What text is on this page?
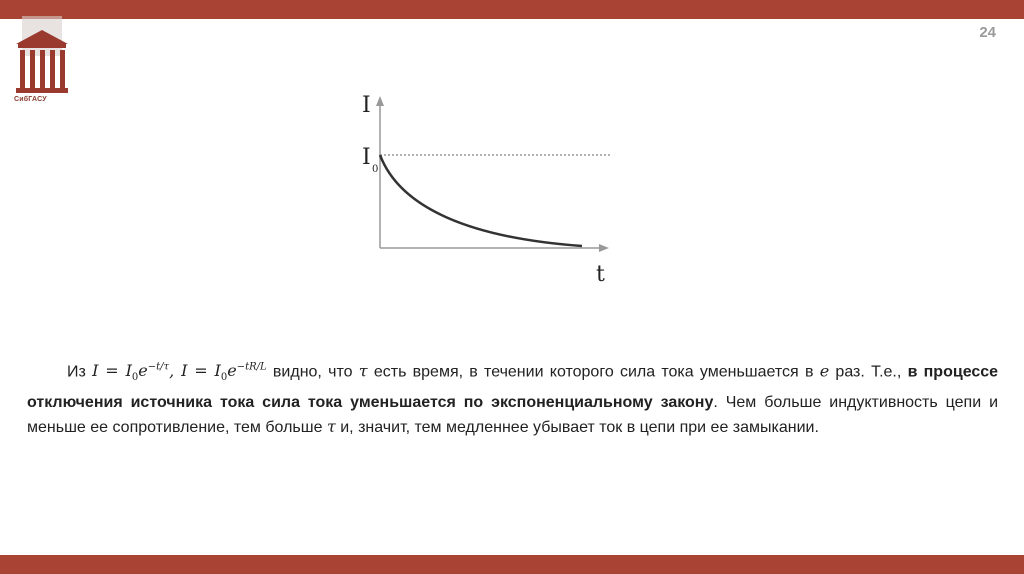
СибГАСУ
24
I
I 0
t
Из $I = I_0e^{-t/\tau}$, $I = I_0e^{-tR/L}$ видно, что τ есть время, в течении которого сила тока уменьшается в e раз. Т.е., в процессе отключения источника тока сила тока уменьшается по экспоненциальному закону. Чем больше индуктивность цепи и меньше ее сопротивление, тем больше τ и, значит, тем медленнее убывает ток в цепи при ее замыкании.
